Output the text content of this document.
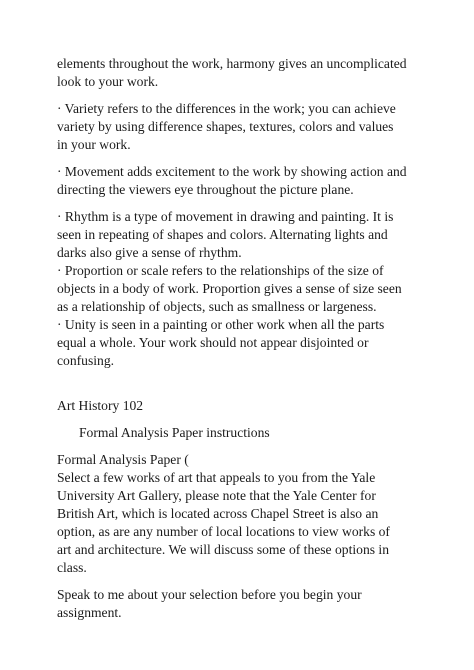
elements throughout the work, harmony gives an uncomplicated

look to your work.

· Variety refers to the differences in the work; you can achieve

variety by using difference shapes, textures, colors and values

in your work.

· Movement adds excitement to the work by showing action and

directing the viewers eye throughout the picture plane.

· Rhythm is a type of movement in drawing and painting. It is

seen in repeating of shapes and colors. Alternating lights and

darks also give a sense of rhythm.

· Proportion or scale refers to the relationships of the size of

objects in a body of work. Proportion gives a sense of size seen

as a relationship of objects, such as smallness or largeness.

· Unity is seen in a painting or other work when all the parts

equal a whole. Your work should not appear disjointed or

confusing.

Art History 102

Formal Analysis Paper instructions

Formal Analysis Paper (

Select a few works of art that appeals to you from the Yale

University Art Gallery, please note that the Yale Center for

British Art, which is located across Chapel Street is also an

option, as are any number of local locations to view works of

art and architecture. We will discuss some of these options in

class.

Speak to me about your selection before you begin your

assignment.
